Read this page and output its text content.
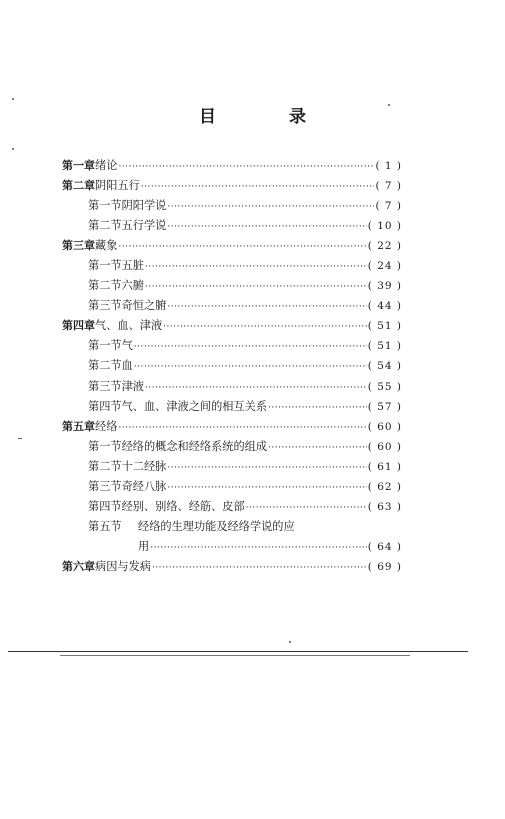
目　录
第一章 绪论 ·····	( 1 )
第二章 阴阳五行 ·····	( 7 )
第一节 阴阳学说 ·····	( 7 )
第二节 五行学说 ·····	( 10 )
第三章 藏象 ·····	( 22 )
第一节 五脏 ·····	( 24 )
第二节 六腑 ·····	( 39 )
第三节 奇恒之腑 ·····	( 44 )
第四章 气、血、津液 ·····	( 51 )
第一节 气 ·····	( 51 )
第二节 血 ·····	( 54 )
第三节 津液 ·····	( 55 )
第四节 气、血、津液之间的相互关系 ·····	( 57 )
第五章 经络 ·····	( 60 )
第一节 经络的概念和经络系统的组成 ·····	( 60 )
第二节 十二经脉 ·····	( 61 )
第三节 奇经八脉 ·····	( 62 )
第四节 经别、别络、经筋、皮部 ·····	( 63 )
第五节	经络的生理功能及经络学说的应
用 ·····	( 64 )
第六章 病因与发病 ·····	( 69 )
